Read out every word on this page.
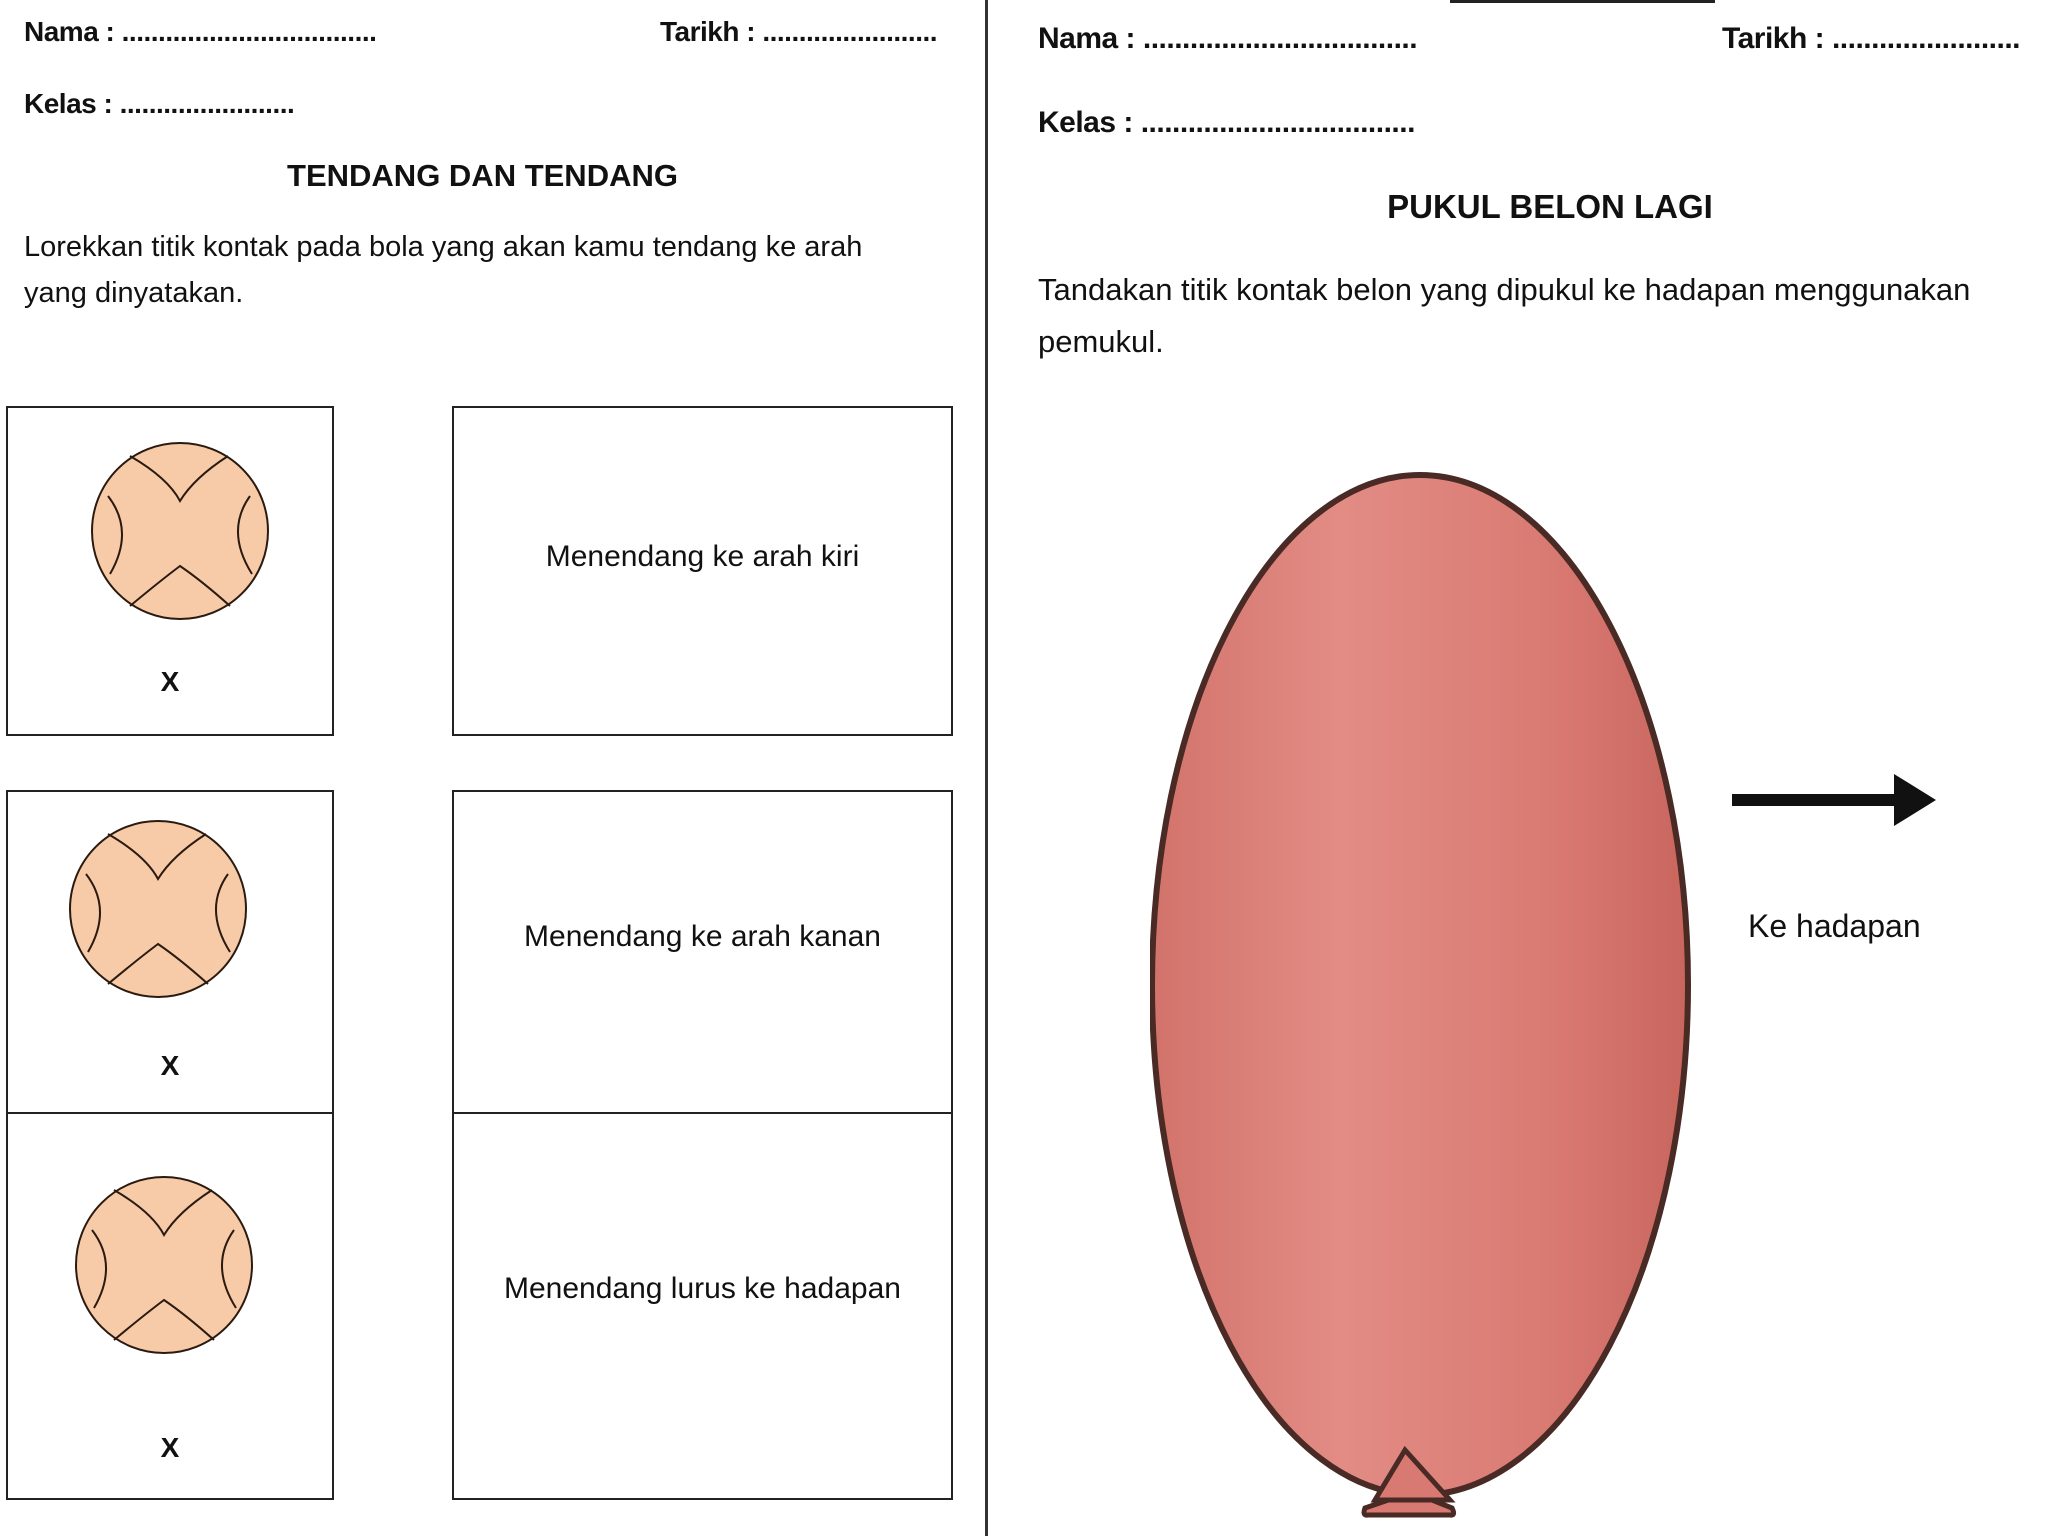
Nama : ...................................	Tarikh : ........................
Kelas : ........................
TENDANG DAN TENDANG
Lorekkan titik kontak pada bola yang akan kamu tendang ke arah yang dinyatakan.
X
Menendang ke arah kiri
X
Menendang ke arah kanan
X
Menendang lurus ke hadapan
Nama : ...................................	Tarikh : ........................
Kelas : ...................................
PUKUL BELON LAGI
Tandakan titik kontak belon yang dipukul ke hadapan menggunakan pemukul.
Ke hadapan
